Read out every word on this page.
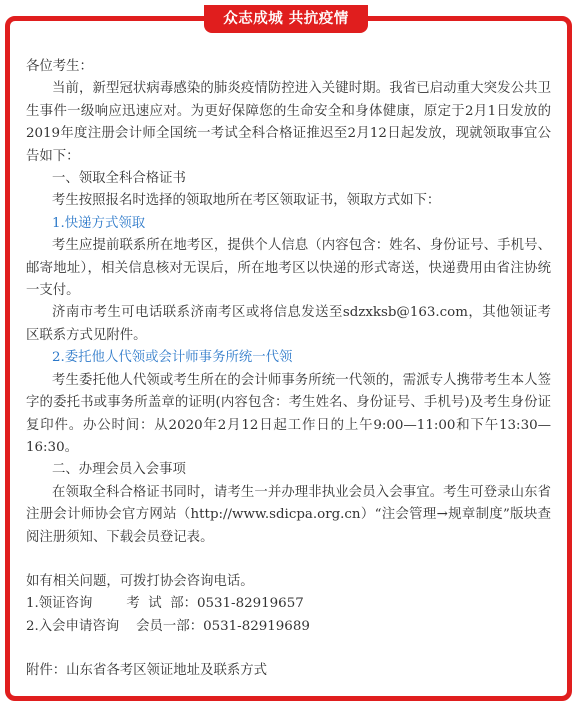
众志成城 共抗疫情

各位考生：

当前，新型冠状病毒感染的肺炎疫情防控进入关键时期。我省已启动重大突发公共卫生事件一级响应迅速应对。为更好保障您的生命安全和身体健康，原定于2月1日发放的2019年度注册会计师全国统一考试全科合格证推迟至2月12日起发放，现就领取事宜公告如下：

一、领取全科合格证书

考生按照报名时选择的领取地所在考区领取证书，领取方式如下：

1.快递方式领取

考生应提前联系所在地考区，提供个人信息（内容包含：姓名、身份证号、手机号、邮寄地址），相关信息核对无误后，所在地考区以快递的形式寄送，快递费用由省注协统一支付。

济南市考生可电话联系济南考区或将信息发送至sdzxksb@163.com，其他领证考区联系方式见附件。

2.委托他人代领或会计师事务所统一代领

考生委托他人代领或考生所在的会计师事务所统一代领的，需派专人携带考生本人签字的委托书或事务所盖章的证明(内容包含：考生姓名、身份证号、手机号)及考生身份证复印件。办公时间：从2020年2月12日起工作日的上午9:00—11:00和下午13:30—16:30。

二、办理会员入会事项

在领取全科合格证书同时，请考生一并办理非执业会员入会事宜。考生可登录山东省注册会计师协会官方网站（http://www.sdicpa.org.cn）“注会管理→规章制度”版块查阅注册须知、下载会员登记表。

如有相关问题，可拨打协会咨询电话。

1.领证咨询        考  试  部：0531-82919657

2.入会申请咨询    会员一部：0531-82919689

附件：山东省各考区领证地址及联系方式
